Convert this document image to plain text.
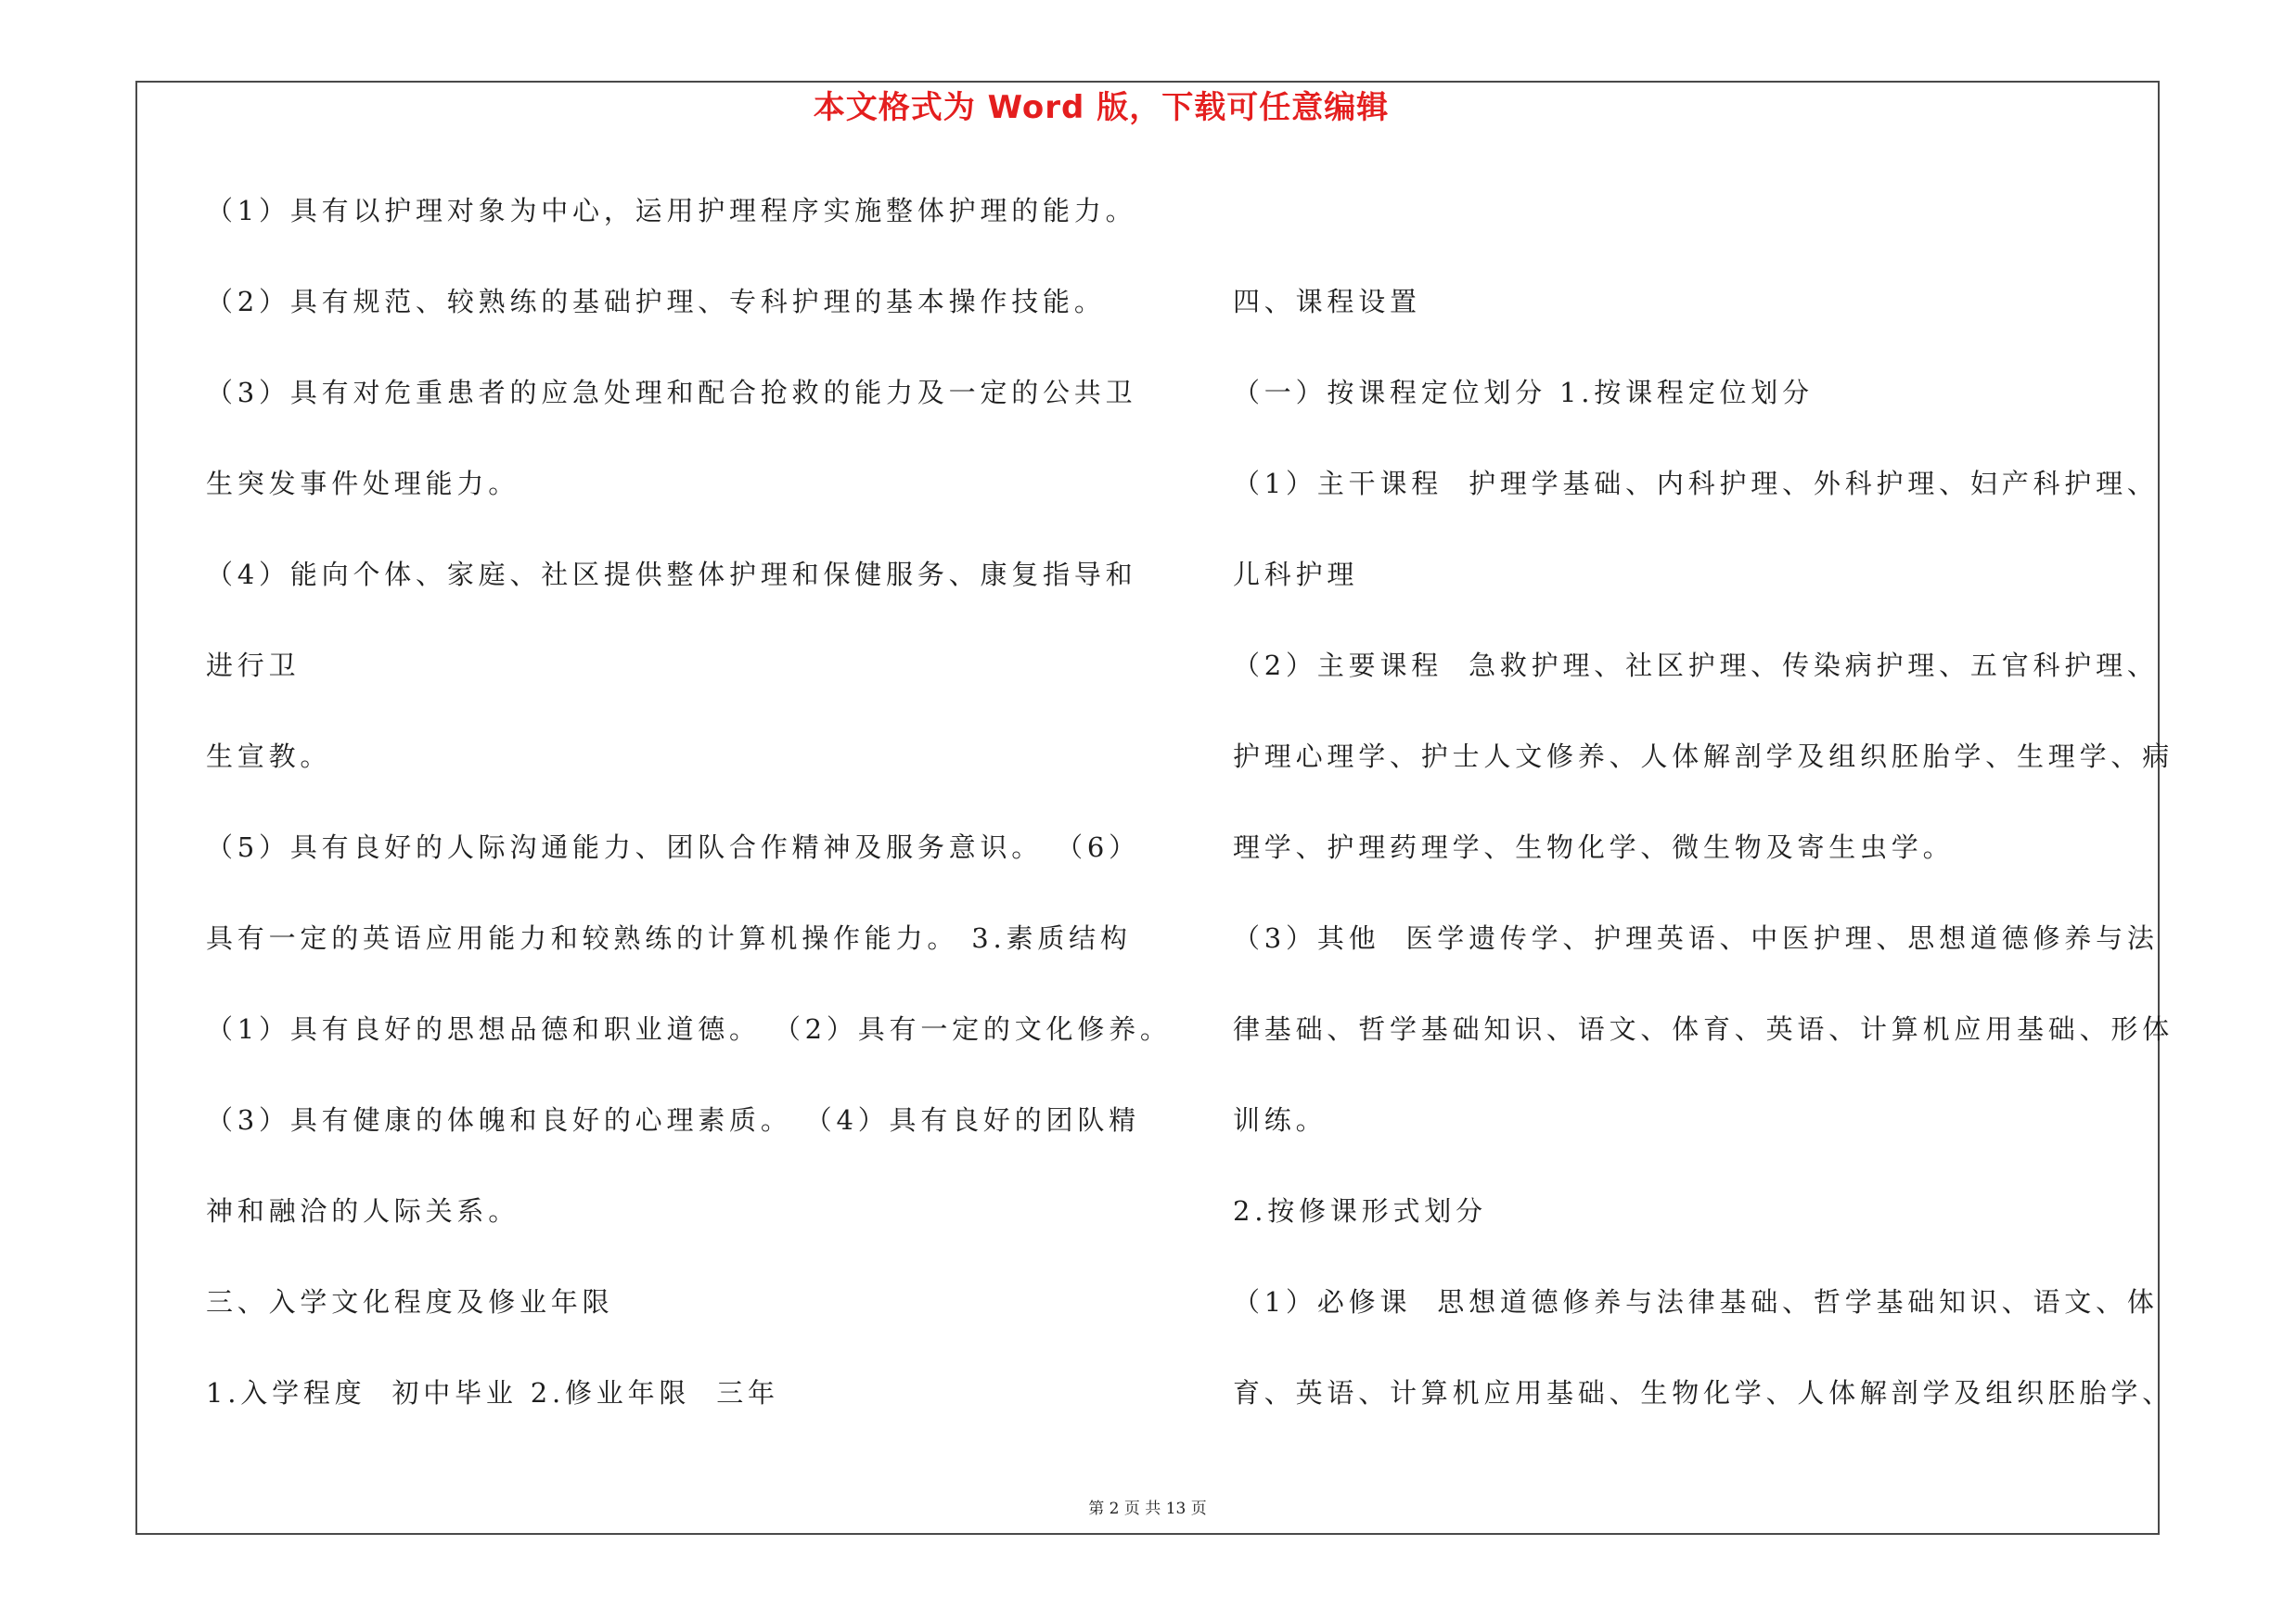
本文格式为 Word 版，下载可任意编辑
（1）具有以护理对象为中心，运用护理程序实施整体护理的能力。
（2）具有规范、较熟练的基础护理、专科护理的基本操作技能。
（3）具有对危重患者的应急处理和配合抢救的能力及一定的公共卫
生突发事件处理能力。
（4）能向个体、家庭、社区提供整体护理和保健服务、康复指导和
进行卫
生宣教。
（5）具有良好的人际沟通能力、团队合作精神及服务意识。 （6）
具有一定的英语应用能力和较熟练的计算机操作能力。 3.素质结构
（1）具有良好的思想品德和职业道德。 （2）具有一定的文化修养。
（3）具有健康的体魄和良好的心理素质。 （4）具有良好的团队精
神和融洽的人际关系。
三、入学文化程度及修业年限
1.入学程度  初中毕业 2.修业年限  三年
四、课程设置
（一）按课程定位划分 1.按课程定位划分
（1）主干课程  护理学基础、内科护理、外科护理、妇产科护理、
儿科护理
（2）主要课程  急救护理、社区护理、传染病护理、五官科护理、
护理心理学、护士人文修养、人体解剖学及组织胚胎学、生理学、病
理学、护理药理学、生物化学、微生物及寄生虫学。
（3）其他  医学遗传学、护理英语、中医护理、思想道德修养与法
律基础、哲学基础知识、语文、体育、英语、计算机应用基础、形体
训练。
2.按修课形式划分
（1）必修课  思想道德修养与法律基础、哲学基础知识、语文、体
育、英语、计算机应用基础、生物化学、人体解剖学及组织胚胎学、
第 2 页 共 13 页
